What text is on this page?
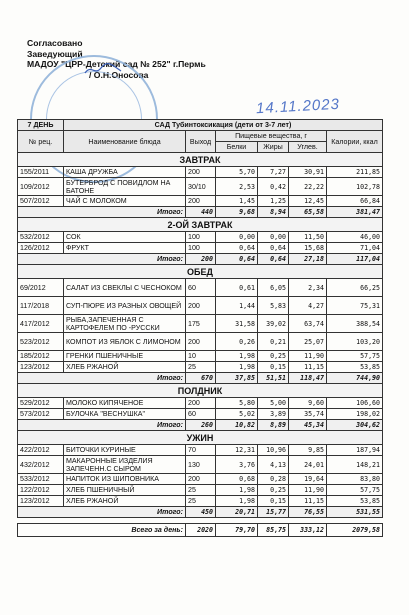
Согласовано
Заведующий
МАДОУ "ЦРР-Детский сад № 252" г.Пермь
/ О.Н.Оносова
14.11.2023
7 ДЕНЬ	САД Тубинтоксикация (дети от 3-7 лет)					
№ рец.	Наименование блюда	Выход	Пищевые вещества, г			Калории, ккал
			Белки	Жиры	Углев.	
ЗАВТРАК						
155/2011	КАША ДРУЖБА	200	5,70	7,27	30,91	211,85
109/2012	БУТЕРБРОД С ПОВИДЛОМ НА БАТОНЕ	30/10	2,53	0,42	22,22	102,78
507/2012	ЧАЙ С МОЛОКОМ	200	1,45	1,25	12,45	66,84
Итого:		440	9,68	8,94	65,58	381,47
2-ОЙ ЗАВТРАК						
532/2012	СОК	100	0,00	0,00	11,50	46,00
126/2012	ФРУКТ	100	0,64	0,64	15,68	71,04
Итого:		200	0,64	0,64	27,18	117,04
ОБЕД						
69/2012	САЛАТ ИЗ СВЕКЛЫ С ЧЕСНОКОМ	60	0,61	6,05	2,34	66,25
117/2018	СУП-ПЮРЕ ИЗ РАЗНЫХ ОВОЩЕЙ	200	1,44	5,83	4,27	75,31
417/2012	РЫБА,ЗАПЕЧЕННАЯ С КАРТОФЕЛЕМ ПО -РУССКИ	175	31,58	39,02	63,74	388,54
523/2012	КОМПОТ ИЗ ЯБЛОК С ЛИМОНОМ	200	0,26	0,21	25,07	103,20
185/2012	ГРЕНКИ ПШЕНИЧНЫЕ	10	1,98	0,25	11,90	57,75
123/2012	ХЛЕБ РЖАНОЙ	25	1,98	0,15	11,15	53,85
Итого:		670	37,85	51,51	118,47	744,90
ПОЛДНИК						
529/2012	МОЛОКО КИПЯЧЕНОЕ	200	5,80	5,00	9,60	106,60
573/2012	БУЛОЧКА "ВЕСНУШКА"	60	5,02	3,89	35,74	198,02
Итого:		260	10,82	8,89	45,34	304,62
УЖИН						
422/2012	БИТОЧКИ КУРИНЫЕ	70	12,31	10,96	9,85	187,94
432/2012	МАКАРОННЫЕ ИЗДЕЛИЯ ЗАПЕЧЕНН.С СЫРОМ	130	3,76	4,13	24,01	148,21
533/2012	НАПИТОК ИЗ ШИПОВНИКА	200	0,68	0,28	19,64	83,80
122/2012	ХЛЕБ ПШЕНИЧНЫЙ	25	1,98	0,25	11,90	57,75
123/2012	ХЛЕБ РЖАНОЙ	25	1,98	0,15	11,15	53,85
Итого:		450	20,71	15,77	76,55	531,55

Всего за день:		2020	79,70	85,75	333,12	2079,58
